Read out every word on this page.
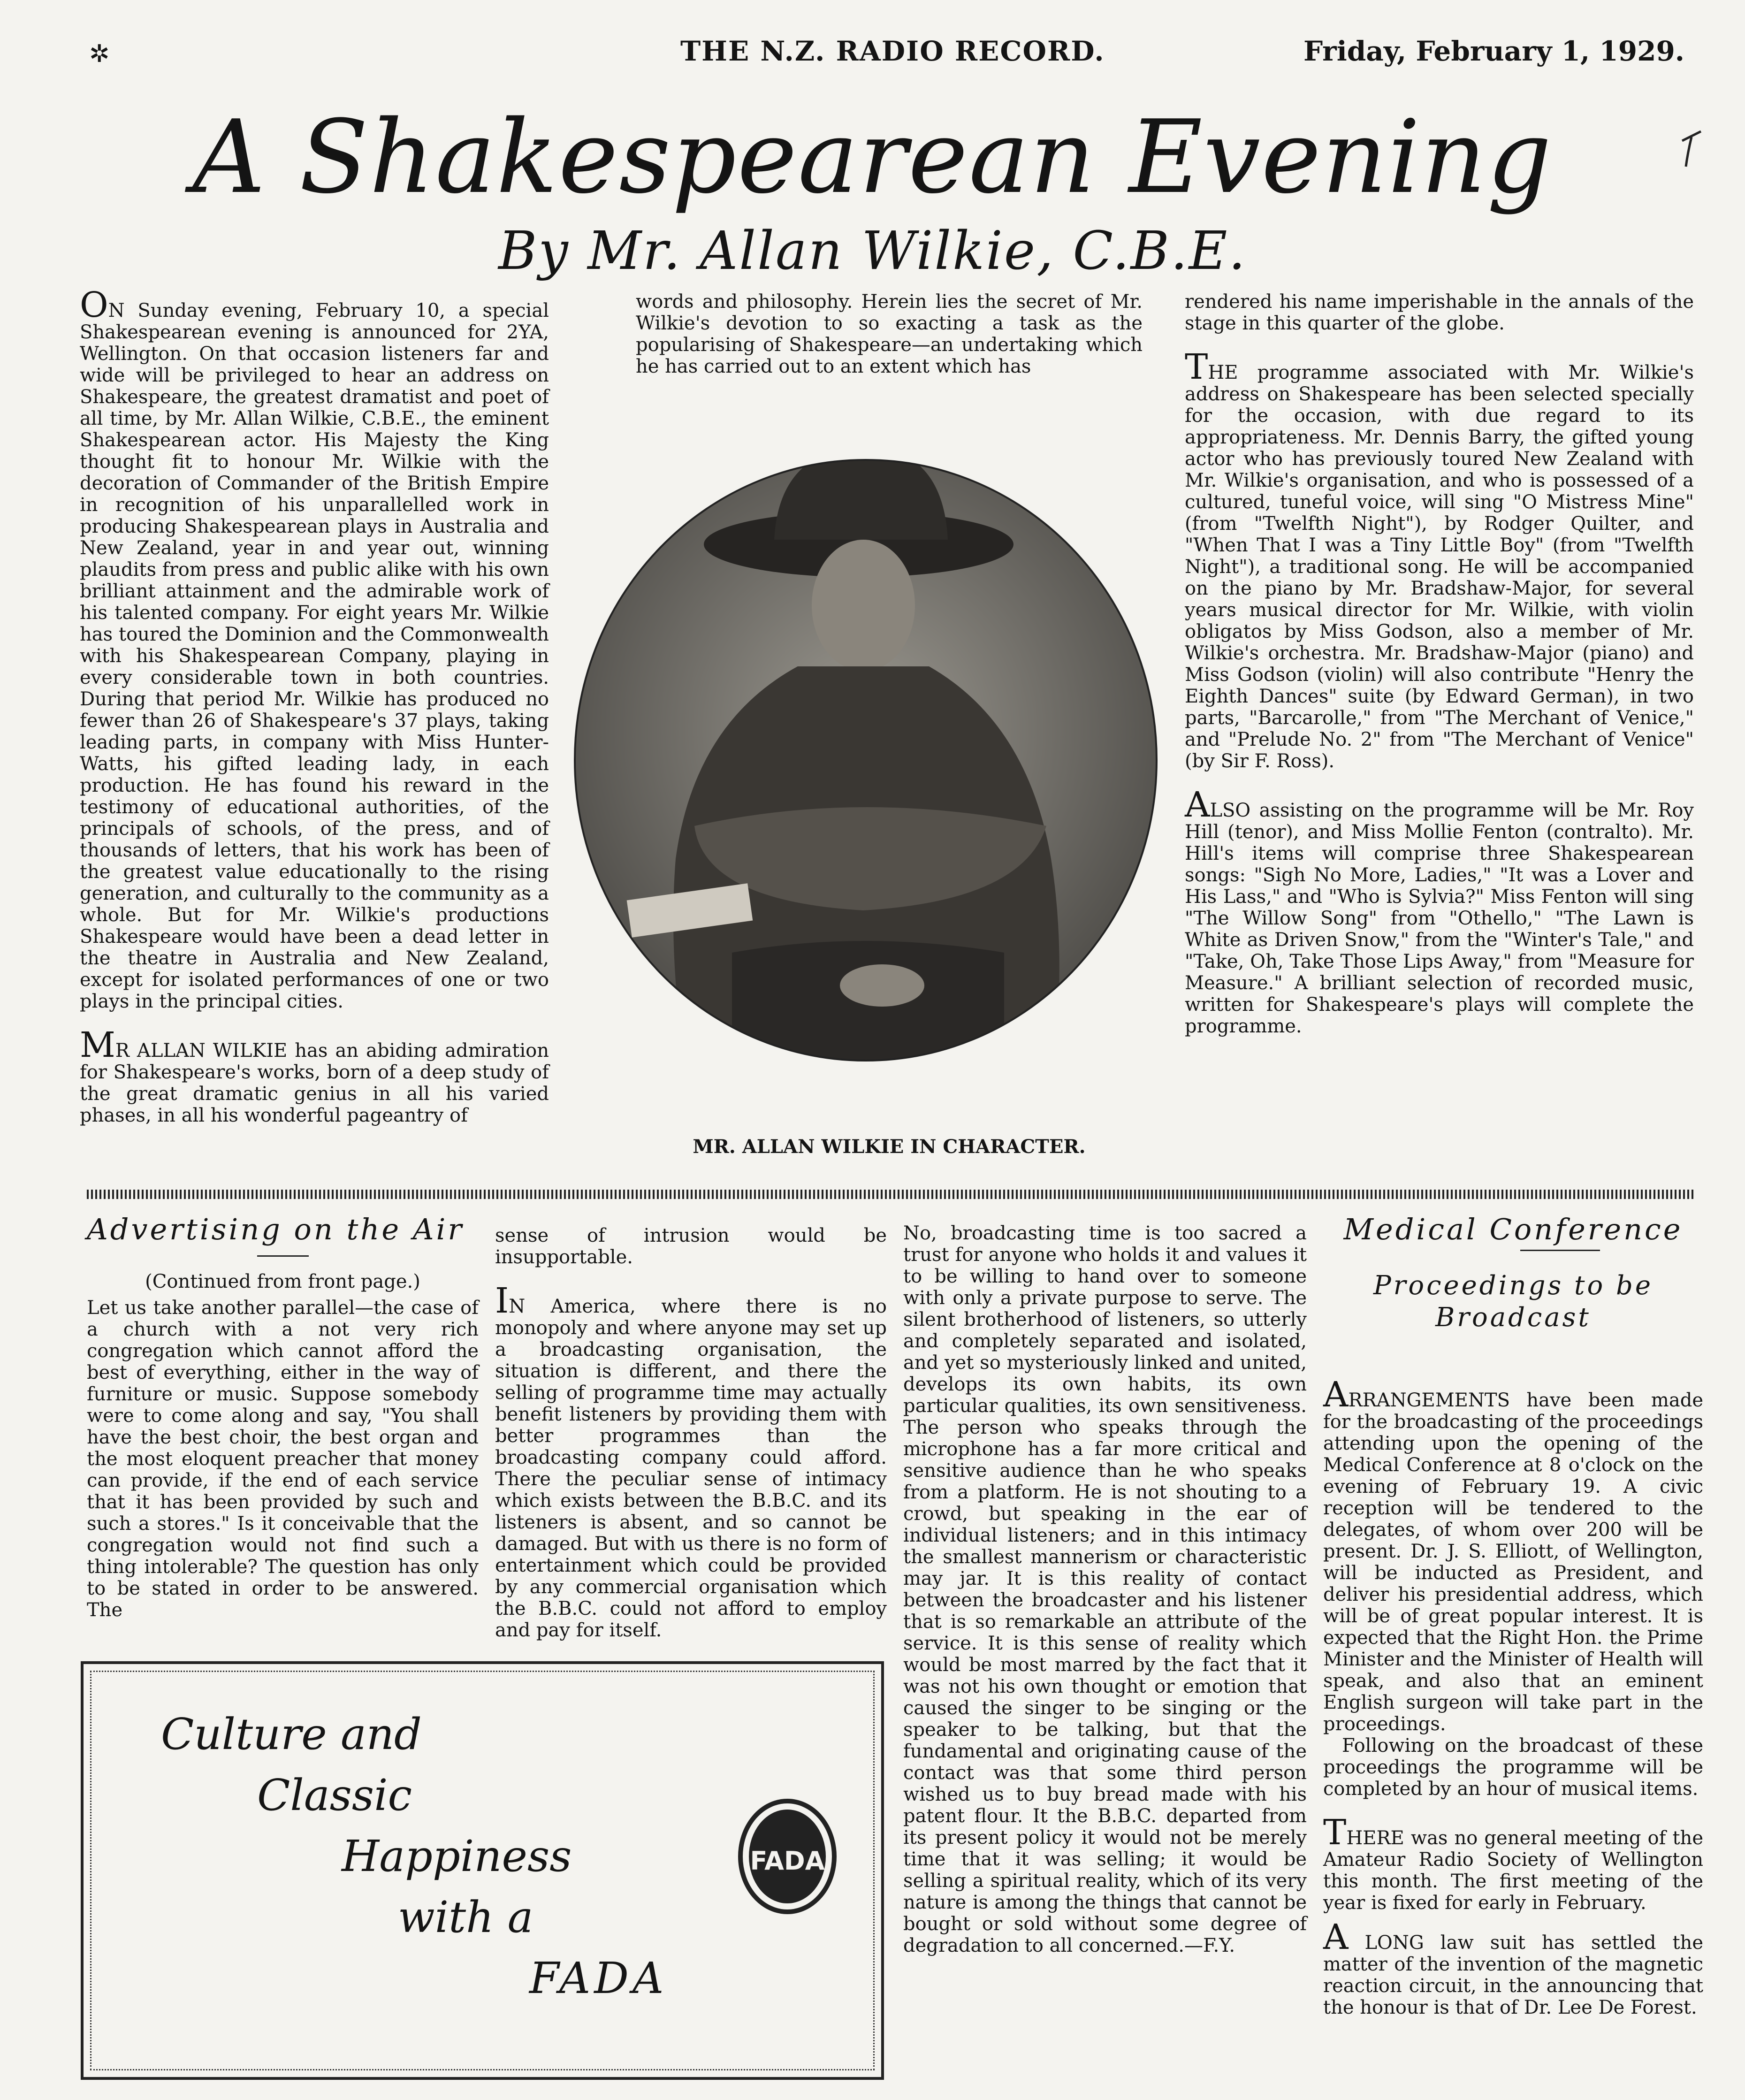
✲	THE N.Z. RADIO RECORD.	Friday, February 1, 1929.
A Shakespearean Evening
By Mr. Allan Wilkie, C.B.E.

ON Sunday evening, February 10, a special Shakespearean evening is announced for 2YA, Wellington. On that occasion listeners far and wide will be privileged to hear an address on Shakespeare, the greatest dramatist and poet of all time, by Mr. Allan Wilkie, C.B.E., the eminent Shakespearean actor. His Majesty the King thought fit to honour Mr. Wilkie with the decoration of Commander of the British Empire in recognition of his unparallelled work in producing Shakespearean plays in Australia and New Zealand, year in and year out, winning plaudits from press and public alike with his own brilliant attainment and the admirable work of his talented company. For eight years Mr. Wilkie has toured the Dominion and the Commonwealth with his Shakespearean Company, playing in every considerable town in both countries. During that period Mr. Wilkie has produced no fewer than 26 of Shakespeare's 37 plays, taking leading parts, in company with Miss Hunter-Watts, his gifted leading lady, in each production. He has found his reward in the testimony of educational authorities, of the principals of schools, of the press, and of thousands of letters, that his work has been of the greatest value educationally to the rising generation, and culturally to the community as a whole. But for Mr. Wilkie's productions Shakespeare would have been a dead letter in the theatre in Australia and New Zealand, except for isolated performances of one or two plays in the principal cities.

MR ALLAN WILKIE has an abiding admiration for Shakespeare's works, born of a deep study of the great dramatic genius in all his varied phases, in all his wonderful pageantry of

words and philosophy. Herein lies the secret of Mr. Wilkie's devotion to so exacting a task as the popularising of Shakespeare—an undertaking which he has carried out to an extent which has

MR. ALLAN WILKIE IN CHARACTER.

rendered his name imperishable in the annals of the stage in this quarter of the globe.

THE programme associated with Mr. Wilkie's address on Shakespeare has been selected specially for the occasion, with due regard to its appropriateness. Mr. Dennis Barry, the gifted young actor who has previously toured New Zealand with Mr. Wilkie's organisation, and who is possessed of a cultured, tuneful voice, will sing "O Mistress Mine" (from "Twelfth Night"), by Rodger Quilter, and "When That I was a Tiny Little Boy" (from "Twelfth Night"), a traditional song. He will be accompanied on the piano by Mr. Bradshaw-Major, for several years musical director for Mr. Wilkie, with violin obligatos by Miss Godson, also a member of Mr. Wilkie's orchestra. Mr. Bradshaw-Major (piano) and Miss Godson (violin) will also contribute "Henry the Eighth Dances" suite (by Edward German), in two parts, "Barcarolle," from "The Merchant of Venice," and "Prelude No. 2" from "The Merchant of Venice" (by Sir F. Ross).

ALSO assisting on the programme will be Mr. Roy Hill (tenor), and Miss Mollie Fenton (contralto). Mr. Hill's items will comprise three Shakespearean songs: "Sigh No More, Ladies," "It was a Lover and His Lass," and "Who is Sylvia?" Miss Fenton will sing "The Willow Song" from "Othello," "The Lawn is White as Driven Snow," from the "Winter's Tale," and "Take, Oh, Take Those Lips Away," from "Measure for Measure." A brilliant selection of recorded music, written for Shakespeare's plays will complete the programme.

Advertising on the Air
(Continued from front page.)
Let us take another parallel—the case of a church with a not very rich congregation which cannot afford the best of everything, either in the way of furniture or music. Suppose somebody were to come along and say, "You shall have the best choir, the best organ and the most eloquent preacher that money can provide, if the end of each service that it has been provided by such and such a stores." Is it conceivable that the congregation would not find such a thing intolerable? The question has only to be stated in order to be answered. The

sense of intrusion would be insupportable.

IN America, where there is no monopoly and where anyone may set up a broadcasting organisation, the situation is different, and there the selling of programme time may actually benefit listeners by providing them with better programmes than the broadcasting company could afford. There the peculiar sense of intimacy which exists between the B.B.C. and its listeners is absent, and so cannot be damaged. But with us there is no form of entertainment which could be provided by any commercial organisation which the B.B.C. could not afford to employ and pay for itself.

No, broadcasting time is too sacred a trust for anyone who holds it and values it to be willing to hand over to someone with only a private purpose to serve. The silent brotherhood of listeners, so utterly and completely separated and isolated, and yet so mysteriously linked and united, develops its own habits, its own particular qualities, its own sensitiveness. The person who speaks through the microphone has a far more critical and sensitive audience than he who speaks from a platform. He is not shouting to a crowd, but speaking in the ear of individual listeners; and in this intimacy the smallest mannerism or characteristic may jar. It is this reality of contact between the broadcaster and his listener that is so remarkable an attribute of the service. It is this sense of reality which would be most marred by the fact that it was not his own thought or emotion that caused the singer to be singing or the speaker to be talking, but that the fundamental and originating cause of the contact was that some third person wished us to buy bread made with his patent flour. It the B.B.C. departed from its present policy it would not be merely time that it was selling; it would be selling a spiritual reality, which of its very nature is among the things that cannot be bought or sold without some degree of degradation to all concerned.—F.Y.

Culture and
Classic
Happiness
with a
FADA
FADA
Medical Conference
Proceedings to be Broadcast

ARRANGEMENTS have been made for the broadcasting of the proceedings attending upon the opening of the Medical Conference at 8 o'clock on the evening of February 19. A civic reception will be tendered to the delegates, of whom over 200 will be present. Dr. J. S. Elliott, of Wellington, will be inducted as President, and deliver his presidential address, which will be of great popular interest. It is expected that the Right Hon. the Prime Minister and the Minister of Health will speak, and also that an eminent English surgeon will take part in the proceedings.

Following on the broadcast of these proceedings the programme will be completed by an hour of musical items.

THERE was no general meeting of the Amateur Radio Society of Wellington this month. The first meeting of the year is fixed for early in February.

A LONG law suit has settled the matter of the invention of the magnetic reaction circuit, in the announcing that the honour is that of Dr. Lee De Forest.
